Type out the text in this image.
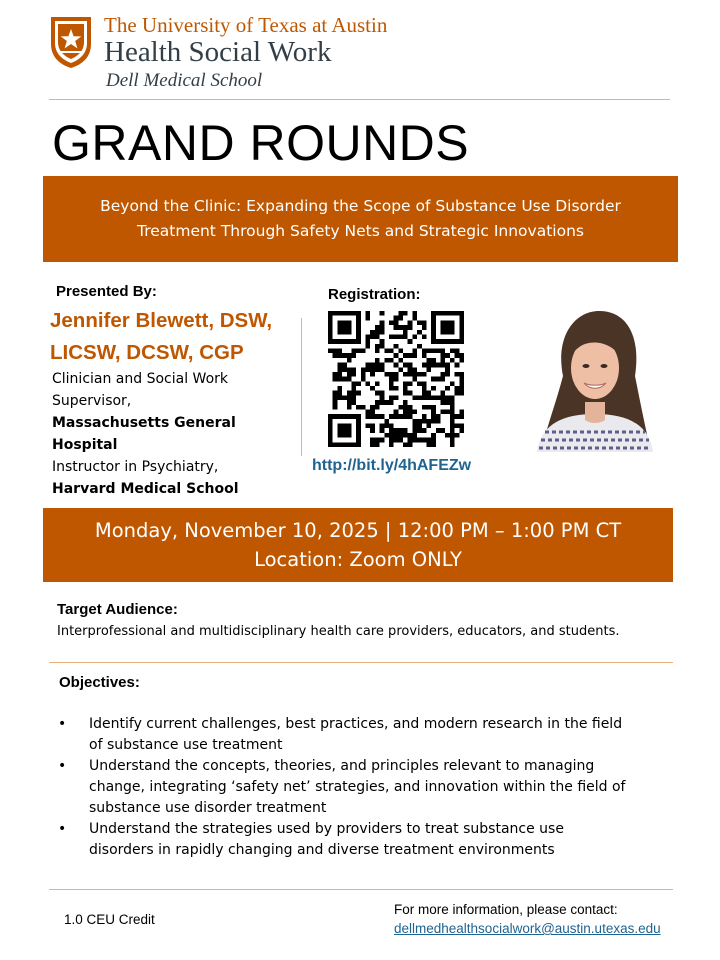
The University of Texas at Austin
Health Social Work
Dell Medical School
GRAND ROUNDS
Beyond the Clinic: Expanding the Scope of Substance Use Disorder
Treatment Through Safety Nets and Strategic Innovations
Presented By:
Jennifer Blewett, DSW,
LICSW, DCSW, CGP
Clinician and Social Work
Supervisor,
Massachusetts General
Hospital
Instructor in Psychiatry,
Harvard Medical School
Registration:
http://bit.ly/4hAFEZw
Monday, November 10, 2025 | 12:00 PM – 1:00 PM CT
Location: Zoom ONLY
Target Audience:
Interprofessional and multidisciplinary health care providers, educators, and students.
Objectives:
• Identify current challenges, best practices, and modern research in the field
of substance use treatment
• Understand the concepts, theories, and principles relevant to managing
change, integrating ‘safety net’ strategies, and innovation within the field of
substance use disorder treatment
• Understand the strategies used by providers to treat substance use
disorders in rapidly changing and diverse treatment environments
1.0 CEU Credit
For more information, please contact:
dellmedhealthsocialwork@austin.utexas.edu
